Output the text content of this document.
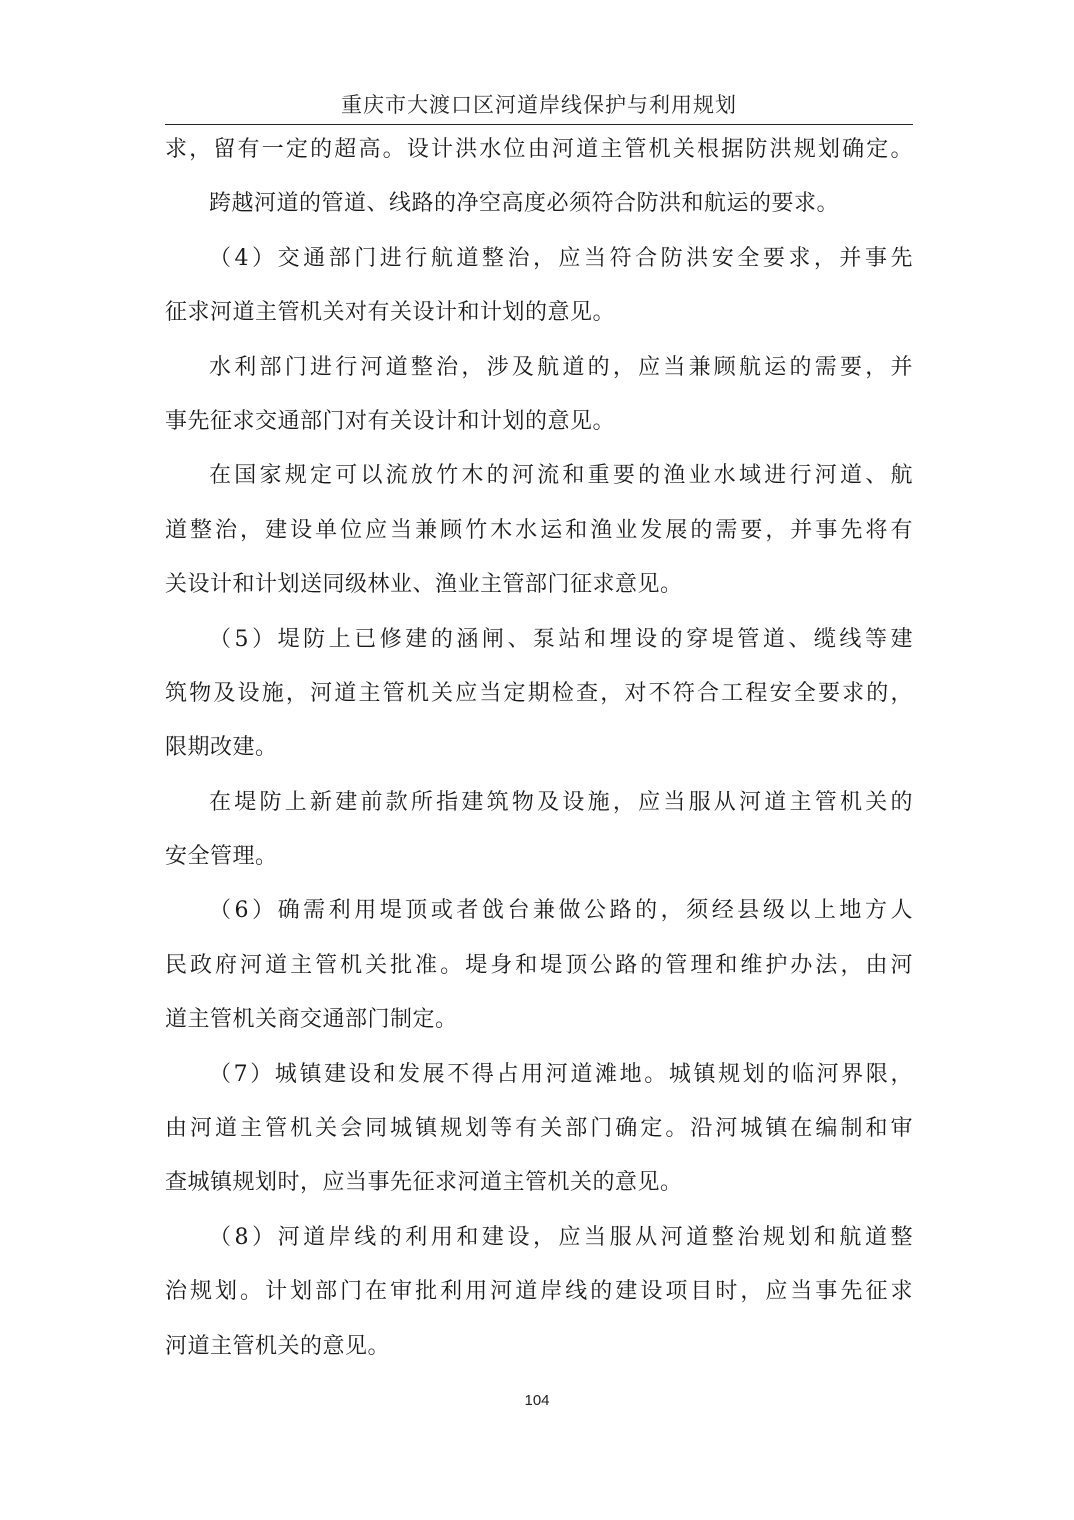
重庆市大渡口区河道岸线保护与利用规划
求，留有一定的超高。设计洪水位由河道主管机关根据防洪规划确定。
跨越河道的管道、线路的净空高度必须符合防洪和航运的要求。
（4）交通部门进行航道整治，应当符合防洪安全要求，并事先
征求河道主管机关对有关设计和计划的意见。
水利部门进行河道整治，涉及航道的，应当兼顾航运的需要，并
事先征求交通部门对有关设计和计划的意见。
在国家规定可以流放竹木的河流和重要的渔业水域进行河道、航
道整治，建设单位应当兼顾竹木水运和渔业发展的需要，并事先将有
关设计和计划送同级林业、渔业主管部门征求意见。
（5）堤防上已修建的涵闸、泵站和埋设的穿堤管道、缆线等建
筑物及设施，河道主管机关应当定期检查，对不符合工程安全要求的，
限期改建。
在堤防上新建前款所指建筑物及设施，应当服从河道主管机关的
安全管理。
（6）确需利用堤顶或者戗台兼做公路的，须经县级以上地方人
民政府河道主管机关批准。堤身和堤顶公路的管理和维护办法，由河
道主管机关商交通部门制定。
（7）城镇建设和发展不得占用河道滩地。城镇规划的临河界限，
由河道主管机关会同城镇规划等有关部门确定。沿河城镇在编制和审
查城镇规划时，应当事先征求河道主管机关的意见。
（8）河道岸线的利用和建设，应当服从河道整治规划和航道整
治规划。计划部门在审批利用河道岸线的建设项目时，应当事先征求
河道主管机关的意见。
104
